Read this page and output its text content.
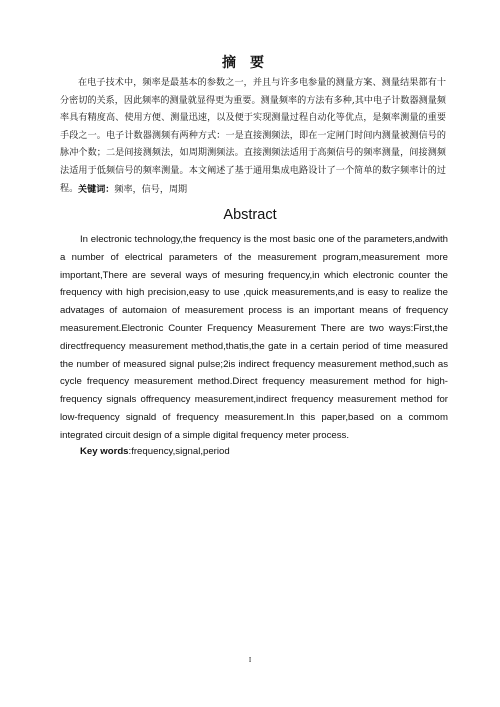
摘要

在电子技术中，频率是最基本的参数之一，并且与许多电参量的测量方案、测量结果都有十分密切的关系，因此频率的测量就显得更为重要。测量频率的方法有多种,其中电子计数器测量频率具有精度高、使用方便、测量迅速，以及便于实现测量过程自动化等优点，是频率测量的重要手段之一。电子计数器测频有两种方式：一是直接测频法，即在一定闸门时间内测量被测信号的脉冲个数；二是间接测频法，如周期测频法。直接测频法适用于高频信号的频率测量，间接测频法适用于低频信号的频率测量。本文阐述了基于通用集成电路设计了一个简单的数字频率计的过程。 关键词：频率，信号，周期
Abstract

In electronic technology,the frequency is the most basic one of the parameters,andwith a number of electrical parameters of the measurement program,measurement more important,There are several ways of mesuring frequency,in which electronic counter the frequency with high precision,easy to use ,quick measurements,and is easy to realize the advatages of automaion of measurement process is an important means of frequency measurement.Electronic Counter Frequency Measurement There are two ways:First,the directfrequency measurement method,thatis,the gate in a certain period of time measured the number of measured signal pulse;2is indirect frequency measurement method,such as cycle frequency measurement method.Direct frequency measurement method for high-frequency signals offrequency measurement,indirect frequency measurement method for low-frequency signald of frequency measurement.In this paper,based on a commom integrated circuit design of a simple digital frequency meter process.

Key words:frequency,signal,period
I
